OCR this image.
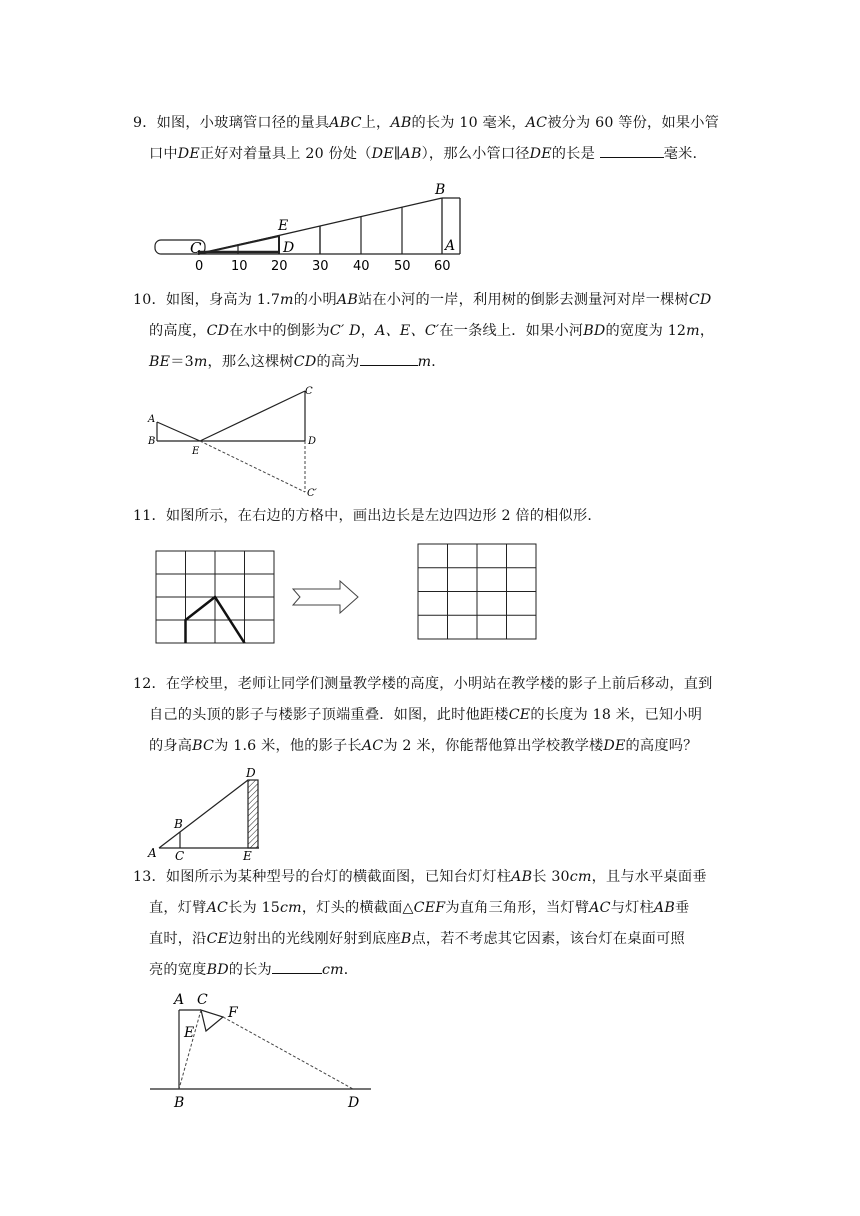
9．如图，小玻璃管口径的量具ABC上，AB的长为 10 毫米，AC被分为 60 等份，如果小管
口中DE正好对着量具上 20 份处（DE∥AB），那么小管口径DE的长是	毫米.
C
E
D
B
A
0 10 20 30 40 50 60
10．如图，身高为 1.7m的小明AB站在小河的一岸，利用树的倒影去测量河对岸一棵树CD
的高度，CD在水中的倒影为C′ D，A、E、C′在一条线上．如果小河BD的宽度为 12m，
BE＝3m，那么这棵树CD的高为	m．
A
B
E
C
D
C′
11．如图所示，在右边的方格中，画出边长是左边四边形 2 倍的相似形．
12．在学校里，老师让同学们测量教学楼的高度，小明站在教学楼的影子上前后移动，直到
自己的头顶的影子与楼影子顶端重叠．如图，此时他距楼CE的长度为 18 米，已知小明
的身高BC为 1.6 米，他的影子长AC为 2 米，你能帮他算出学校教学楼DE的高度吗？
D
B
A C	E
13．如图所示为某种型号的台灯的横截面图，已知台灯灯柱AB长 30cm，且与水平桌面垂
直，灯臂AC长为 15cm，灯头的横截面△CEF为直角三角形，当灯臂AC与灯柱AB垂
直时，沿CE边射出的光线刚好射到底座B点，若不考虑其它因素，该台灯在桌面可照
亮的宽度BD的长为	cm．
A C
E
F
B	D
